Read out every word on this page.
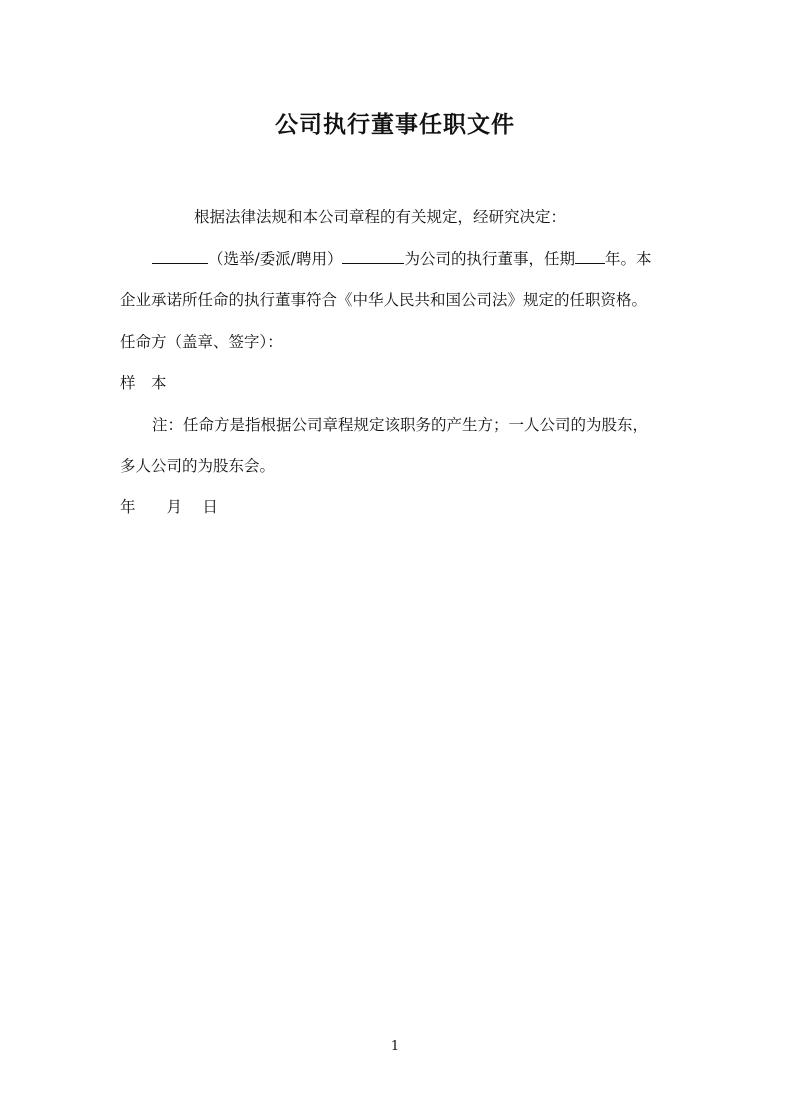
公司执行董事任职文件
根据法律法规和本公司章程的有关规定，经研究决定：
（选举/委派/聘用）	为公司的执行董事，任期 年。本
企业承诺所任命的执行董事符合《中华人民共和国公司法》规定的任职资格。
任命方（盖章、签字）：
样　本
注：任命方是指根据公司章程规定该职务的产生方；一人公司的为股东，
多人公司的为股东会。
年　　月　 日
1
